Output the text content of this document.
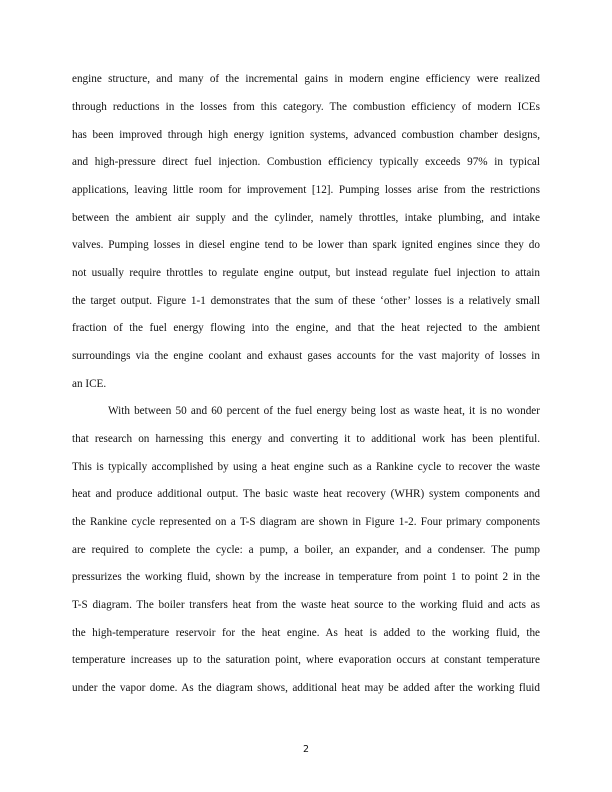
engine structure, and many of the incremental gains in modern engine efficiency were realized
through reductions in the losses from this category. The combustion efficiency of modern ICEs
has been improved through high energy ignition systems, advanced combustion chamber designs,
and high-pressure direct fuel injection. Combustion efficiency typically exceeds 97% in typical
applications, leaving little room for improvement [12]. Pumping losses arise from the restrictions
between the ambient air supply and the cylinder, namely throttles, intake plumbing, and intake
valves. Pumping losses in diesel engine tend to be lower than spark ignited engines since they do
not usually require throttles to regulate engine output, but instead regulate fuel injection to attain
the target output. Figure 1-1 demonstrates that the sum of these ‘other’ losses is a relatively small
fraction of the fuel energy flowing into the engine, and that the heat rejected to the ambient
surroundings via the engine coolant and exhaust gases accounts for the vast majority of losses in
an ICE.
With between 50 and 60 percent of the fuel energy being lost as waste heat, it is no wonder
that research on harnessing this energy and converting it to additional work has been plentiful.
This is typically accomplished by using a heat engine such as a Rankine cycle to recover the waste
heat and produce additional output. The basic waste heat recovery (WHR) system components and
the Rankine cycle represented on a T-S diagram are shown in Figure 1-2. Four primary components
are required to complete the cycle: a pump, a boiler, an expander, and a condenser. The pump
pressurizes the working fluid, shown by the increase in temperature from point 1 to point 2 in the
T-S diagram. The boiler transfers heat from the waste heat source to the working fluid and acts as
the high-temperature reservoir for the heat engine. As heat is added to the working fluid, the
temperature increases up to the saturation point, where evaporation occurs at constant temperature
under the vapor dome. As the diagram shows, additional heat may be added after the working fluid
2
